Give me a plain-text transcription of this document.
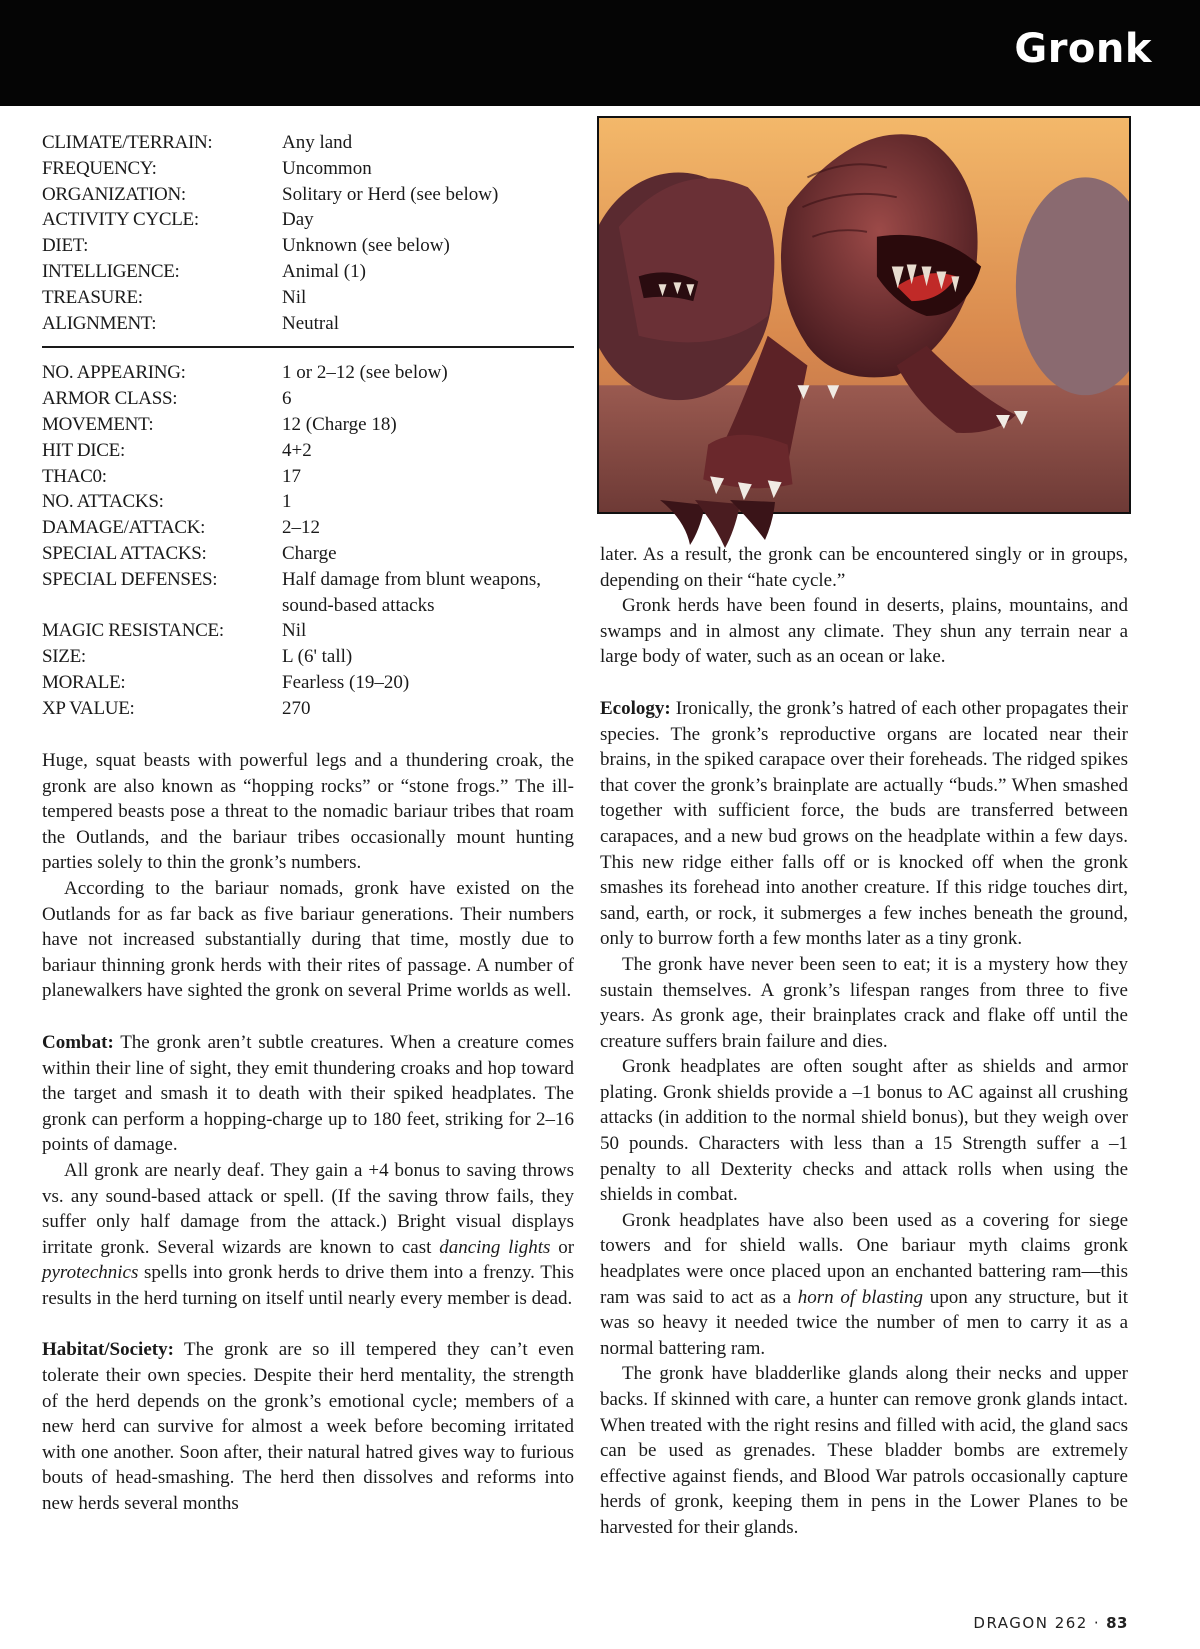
Gronk
CLIMATE/TERRAIN:	Any land
FREQUENCY:	Uncommon
ORGANIZATION:	Solitary or Herd (see below)
ACTIVITY CYCLE:	Day
DIET:	Unknown (see below)
INTELLIGENCE:	Animal (1)
TREASURE:	Nil
ALIGNMENT:	Neutral
NO. APPEARING:	1 or 2–12 (see below)
ARMOR CLASS:	6
MOVEMENT:	12 (Charge 18)
HIT DICE:	4+2
THAC0:	17
NO. ATTACKS:	1
DAMAGE/ATTACK:	2–12
SPECIAL ATTACKS:	Charge
SPECIAL DEFENSES:	Half damage from blunt weapons,
sound-based attacks
MAGIC RESISTANCE:	Nil
SIZE:	L (6' tall)
MORALE:	Fearless (19–20)
XP VALUE:	270

Huge, squat beasts with powerful legs and a thundering croak, the gronk are also known as “hopping rocks” or “stone frogs.” The ill-tempered beasts pose a threat to the nomadic bariaur tribes that roam the Outlands, and the bariaur tribes occasionally mount hunting parties solely to thin the gronk’s numbers.

According to the bariaur nomads, gronk have existed on the Outlands for as far back as five bariaur generations. Their numbers have not increased substantially during that time, mostly due to bariaur thinning gronk herds with their rites of passage. A number of planewalkers have sighted the gronk on several Prime worlds as well.

Combat: The gronk aren’t subtle creatures. When a creature comes within their line of sight, they emit thundering croaks and hop toward the target and smash it to death with their spiked headplates. The gronk can perform a hopping-charge up to 180 feet, striking for 2–16 points of damage.

All gronk are nearly deaf. They gain a +4 bonus to saving throws vs. any sound-based attack or spell. (If the saving throw fails, they suffer only half damage from the attack.) Bright visual displays irritate gronk. Several wizards are known to cast dancing lights or pyrotechnics spells into gronk herds to drive them into a frenzy. This results in the herd turning on itself until nearly every member is dead.

Habitat/Society: The gronk are so ill tempered they can’t even tolerate their own species. Despite their herd mentality, the strength of the herd depends on the gronk’s emotional cycle; members of a new herd can survive for almost a week before becoming irritated with one another. Soon after, their natural hatred gives way to furious bouts of head-smashing. The herd then dissolves and reforms into new herds several months

later. As a result, the gronk can be encountered singly or in groups, depending on their “hate cycle.”

Gronk herds have been found in deserts, plains, mountains, and swamps and in almost any climate. They shun any terrain near a large body of water, such as an ocean or lake.

Ecology: Ironically, the gronk’s hatred of each other propagates their species. The gronk’s reproductive organs are located near their brains, in the spiked carapace over their foreheads. The ridged spikes that cover the gronk’s brainplate are actually “buds.” When smashed together with sufficient force, the buds are transferred between carapaces, and a new bud grows on the headplate within a few days. This new ridge either falls off or is knocked off when the gronk smashes its forehead into another creature. If this ridge touches dirt, sand, earth, or rock, it submerges a few inches beneath the ground, only to burrow forth a few months later as a tiny gronk.

The gronk have never been seen to eat; it is a mystery how they sustain themselves. A gronk’s lifespan ranges from three to five years. As gronk age, their brainplates crack and flake off until the creature suffers brain failure and dies.

Gronk headplates are often sought after as shields and armor plating. Gronk shields provide a –1 bonus to AC against all crushing attacks (in addition to the normal shield bonus), but they weigh over 50 pounds. Characters with less than a 15 Strength suffer a –1 penalty to all Dexterity checks and attack rolls when using the shields in combat.

Gronk headplates have also been used as a covering for siege towers and for shield walls. One bariaur myth claims gronk headplates were once placed upon an enchanted battering ram—this ram was said to act as a horn of blasting upon any structure, but it was so heavy it needed twice the number of men to carry it as a normal battering ram.

The gronk have bladderlike glands along their necks and upper backs. If skinned with care, a hunter can remove gronk glands intact. When treated with the right resins and filled with acid, the gland sacs can be used as grenades. These bladder bombs are extremely effective against fiends, and Blood War patrols occasionally capture herds of gronk, keeping them in pens in the Lower Planes to be harvested for their glands.

DRAGON 262 · 83
